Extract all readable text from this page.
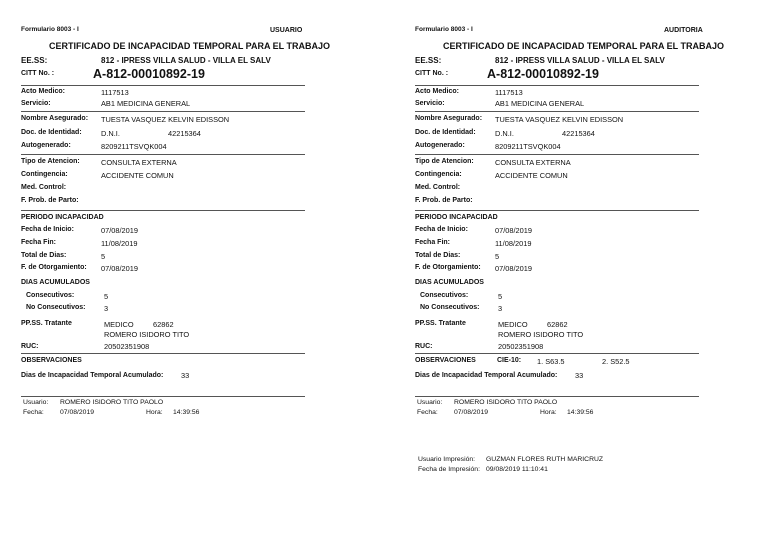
Formulario 8003 - I	USUARIO
CERTIFICADO DE INCAPACIDAD TEMPORAL PARA EL TRABAJO
EE.SS:	812 - IPRESS VILLA SALUD - VILLA EL SALV
CITT No. :	A-812-00010892-19
Acto Medico:	1117513
Servicio:	AB1 MEDICINA GENERAL
Nombre Asegurado: TUESTA VASQUEZ KELVIN EDISSON
Doc. de Identidad:	D.N.I.	42215364
Autogenerado:	8209211TSVQK004
Tipo de Atencion:	CONSULTA EXTERNA
Contingencia:	ACCIDENTE COMUN
Med. Control:
F. Prob. de Parto:
PERIODO INCAPACIDAD
Fecha de Inicio:	07/08/2019
Fecha Fin:	11/08/2019
Total de Dias:	5
F. de Otorgamiento: 07/08/2019
DIAS ACUMULADOS
Consecutivos:	5
No Consecutivos: 3
PP.SS. Tratante	MEDICO	62862
ROMERO ISIDORO TITO
RUC:	20502351908
OBSERVACIONES
Dias de Incapacidad Temporal Acumulado: 33
Usuario: ROMERO ISIDORO TITO PAOLO
Fecha: 07/08/2019	Hora: 14:39:56
Formulario 8003 - I	AUDITORIA
CERTIFICADO DE INCAPACIDAD TEMPORAL PARA EL TRABAJO
EE.SS:	812 - IPRESS VILLA SALUD - VILLA EL SALV
CITT No. :	A-812-00010892-19
Acto Medico:	1117513
Servicio:	AB1 MEDICINA GENERAL
Nombre Asegurado: TUESTA VASQUEZ KELVIN EDISSON
Doc. de Identidad:	D.N.I.	42215364
Autogenerado:	8209211TSVQK004
Tipo de Atencion:	CONSULTA EXTERNA
Contingencia:	ACCIDENTE COMUN
Med. Control:
F. Prob. de Parto:
PERIODO INCAPACIDAD
Fecha de Inicio:	07/08/2019
Fecha Fin:	11/08/2019
Total de Dias:	5
F. de Otorgamiento: 07/08/2019
DIAS ACUMULADOS
Consecutivos:	5
No Consecutivos: 3
PP.SS. Tratante	MEDICO	62862
ROMERO ISIDORO TITO
RUC:	20502351908
OBSERVACIONES	CIE-10: 1. S63.5	2. S52.5
Dias de Incapacidad Temporal Acumulado: 33
Usuario: ROMERO ISIDORO TITO PAOLO
Fecha: 07/08/2019	Hora: 14:39:56
Usuario Impresión: GUZMAN FLORES RUTH MARICRUZ
Fecha de Impresión: 09/08/2019 11:10:41
